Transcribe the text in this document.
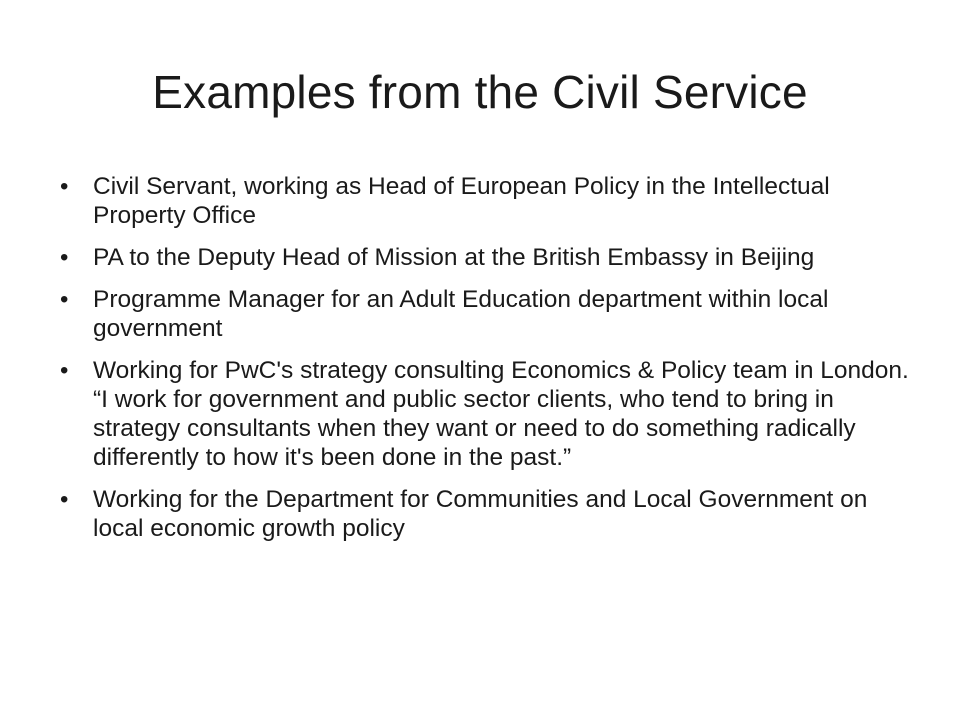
Examples from the Civil Service
• Civil Servant, working as Head of European Policy in the Intellectual Property Office
• PA to the Deputy Head of Mission at the British Embassy in Beijing
• Programme Manager for an Adult Education department within local government
• Working for PwC's strategy consulting Economics & Policy team in London. “I work for government and public sector clients, who tend to bring in strategy consultants when they want or need to do something radically differently to how it's been done in the past.”
• Working for the Department for Communities and Local Government on local economic growth policy
